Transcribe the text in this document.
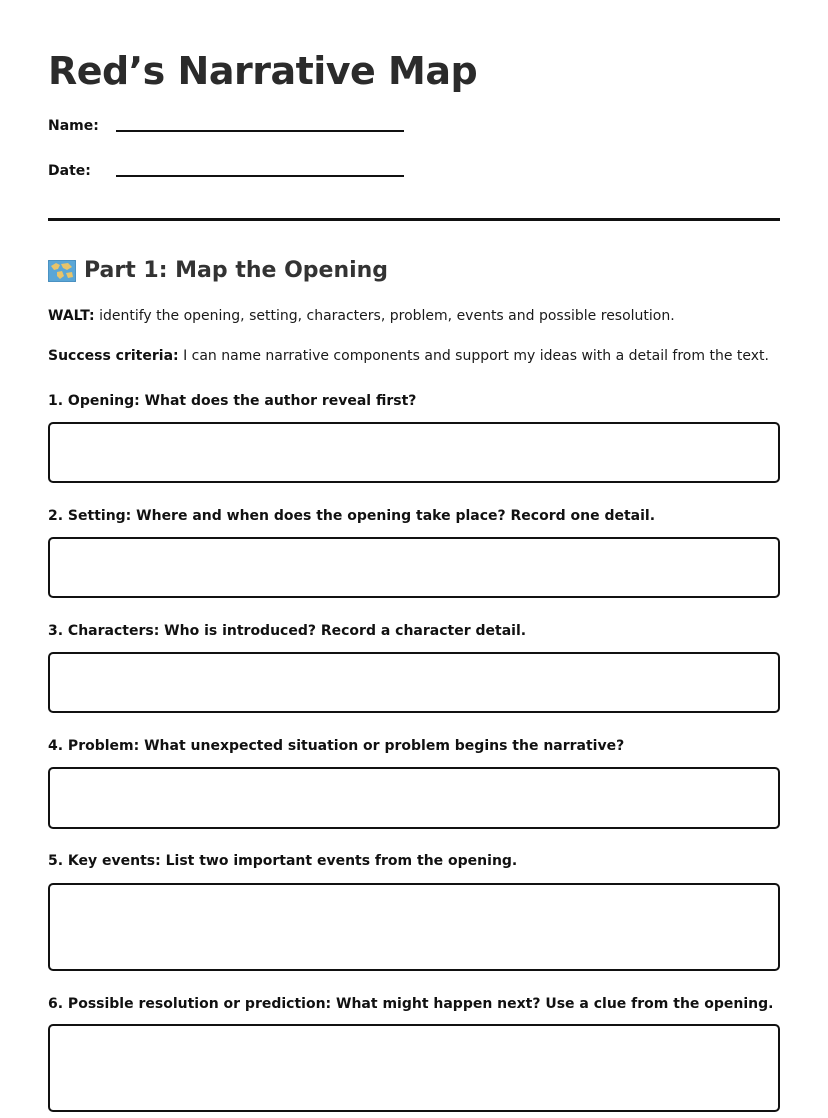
Red’s Narrative Map
Name:
Date:
Part 1: Map the Opening

WALT: identify the opening, setting, characters, problem, events and possible resolution.

Success criteria: I can name narrative components and support my ideas with a detail from the text.

1. Opening: What does the author reveal first?
2. Setting: Where and when does the opening take place? Record one detail.
3. Characters: Who is introduced? Record a character detail.
4. Problem: What unexpected situation or problem begins the narrative?
5. Key events: List two important events from the opening.
6. Possible resolution or prediction: What might happen next? Use a clue from the opening.
